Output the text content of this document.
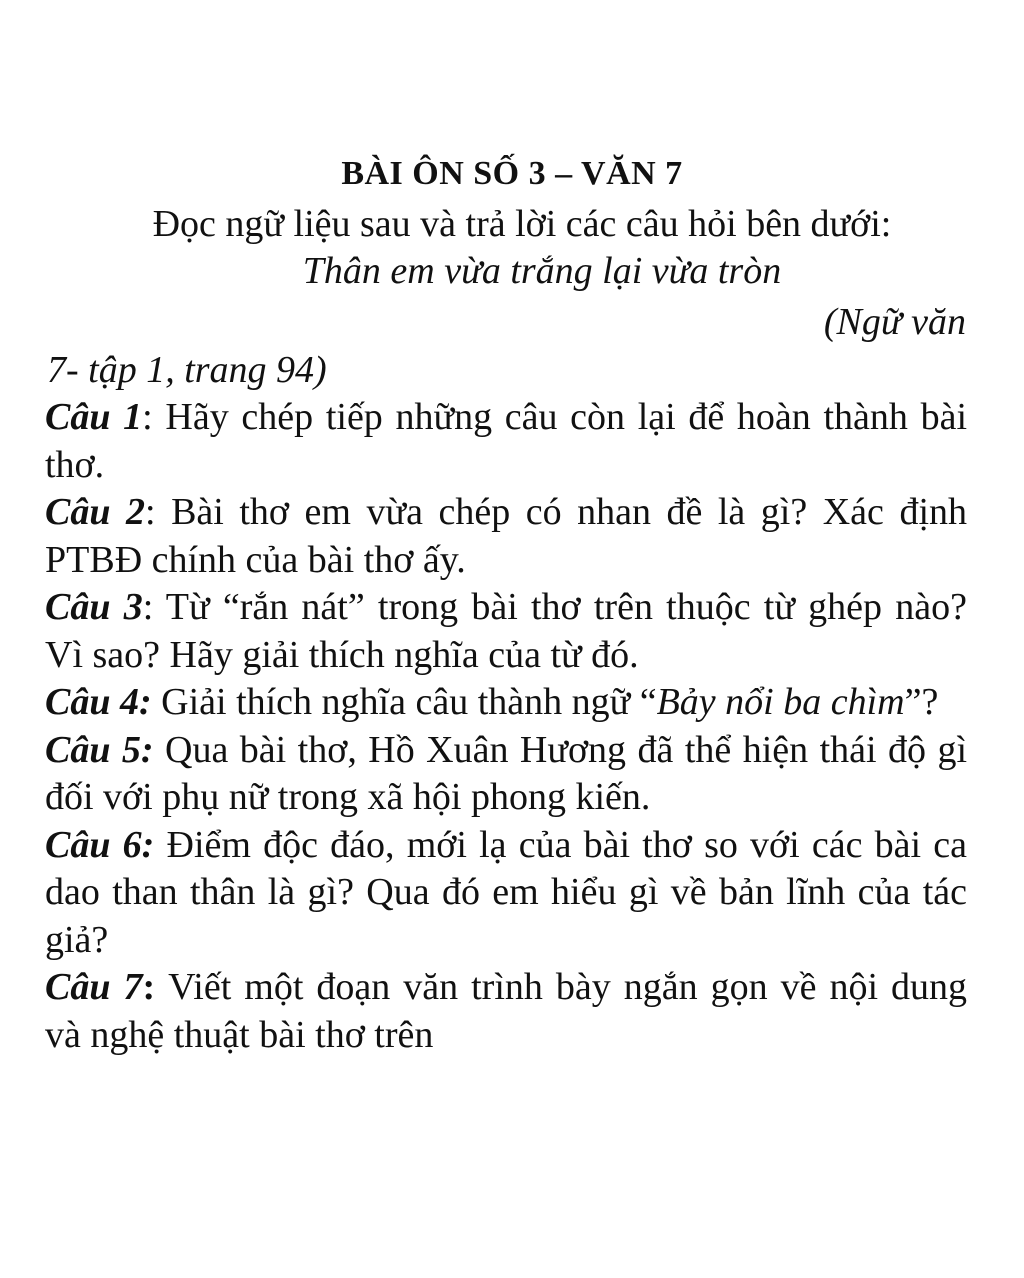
BÀI ÔN SỐ 3 – VĂN 7
Đọc ngữ liệu sau và trả lời các câu hỏi bên dưới:
Thân em vừa trắng lại vừa tròn
(Ngữ văn
7- tập 1, trang 94)

Câu 1: Hãy chép tiếp những câu còn lại để hoàn thành bài thơ.

Câu 2: Bài thơ em vừa chép có nhan đề là gì? Xác định PTBĐ chính của bài thơ ấy.

Câu 3: Từ “rắn nát” trong bài thơ trên thuộc từ ghép nào? Vì sao? Hãy giải thích nghĩa của từ đó.

Câu 4: Giải thích nghĩa câu thành ngữ “Bảy nổi ba chìm”?

Câu 5: Qua bài thơ, Hồ Xuân Hương đã thể hiện thái độ gì đối với phụ nữ trong xã hội phong kiến.

Câu 6: Điểm độc đáo, mới lạ của bài thơ so với các bài ca dao than thân là gì? Qua đó em hiểu gì về bản lĩnh của tác giả?

Câu 7: Viết một đoạn văn trình bày ngắn gọn về nội dung và nghệ thuật bài thơ trên
